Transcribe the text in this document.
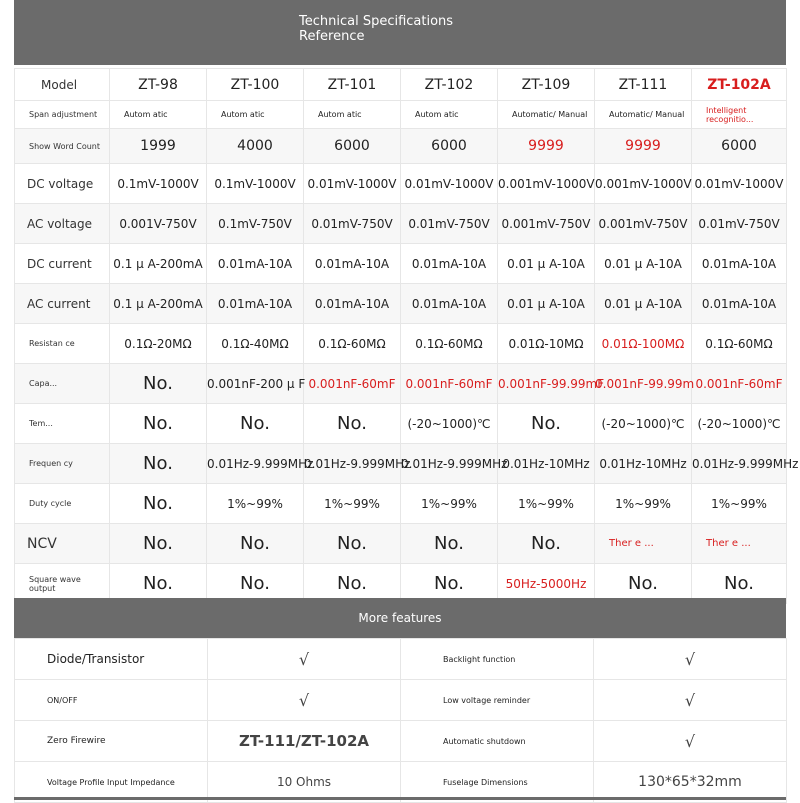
Technical Specifications
Reference
Model	ZT-98	ZT-100	ZT-101	ZT-102	ZT-109	ZT-111	ZT-102A
Span adjustment	Autom atic	Autom atic	Autom atic	Autom atic	Automatic/ Manual	Automatic/ Manual	Intelligent recognitio...
Show Word Count	1999	4000	6000	6000	9999	9999	6000
DC voltage	0.1mV-1000V	0.1mV-1000V	0.01mV-1000V	0.01mV-1000V	0.001mV-1000V	0.001mV-1000V	0.01mV-1000V
AC voltage	0.001V-750V	0.1mV-750V	0.01mV-750V	0.01mV-750V	0.001mV-750V	0.001mV-750V	0.01mV-750V
DC current	0.1 μ A-200mA	0.01mA-10A	0.01mA-10A	0.01mA-10A	0.01 μ A-10A	0.01 μ A-10A	0.01mA-10A
AC current	0.1 μ A-200mA	0.01mA-10A	0.01mA-10A	0.01mA-10A	0.01 μ A-10A	0.01 μ A-10A	0.01mA-10A
Resistan ce	0.1Ω-20MΩ	0.1Ω-40MΩ	0.1Ω-60MΩ	0.1Ω-60MΩ	0.01Ω-10MΩ	0.01Ω-100MΩ	0.1Ω-60MΩ
Capa...	No.	0.001nF-200 μ F	0.001nF-60mF	0.001nF-60mF	0.001nF-99.99mF	0.001nF-99.99m	0.001nF-60mF
Tem...	No.	No.	No.	(-20~1000)℃	No.	(-20~1000)℃	(-20~1000)℃
Frequen cy	No.	0.01Hz-9.999MHz	0.01Hz-9.999MHz	0.01Hz-9.999MHz	0.01Hz-10MHz	0.01Hz-10MHz	0.01Hz-9.999MHz
Duty cycle	No.	1%~99%	1%~99%	1%~99%	1%~99%	1%~99%	1%~99%
NCV	No.	No.	No.	No.	No.	Ther e ...	Ther e ...
Square wave output	No.	No.	No.	No.	50Hz-5000Hz	No.	No.
More features
Diode/Transistor	√	Backlight function	√
ON/OFF	√	Low voltage reminder	√
Zero Firewire	ZT-111/ZT-102A	Automatic shutdown	√
Voltage Profile Input Impedance	10 Ohms	Fuselage Dimensions	130*65*32mm
